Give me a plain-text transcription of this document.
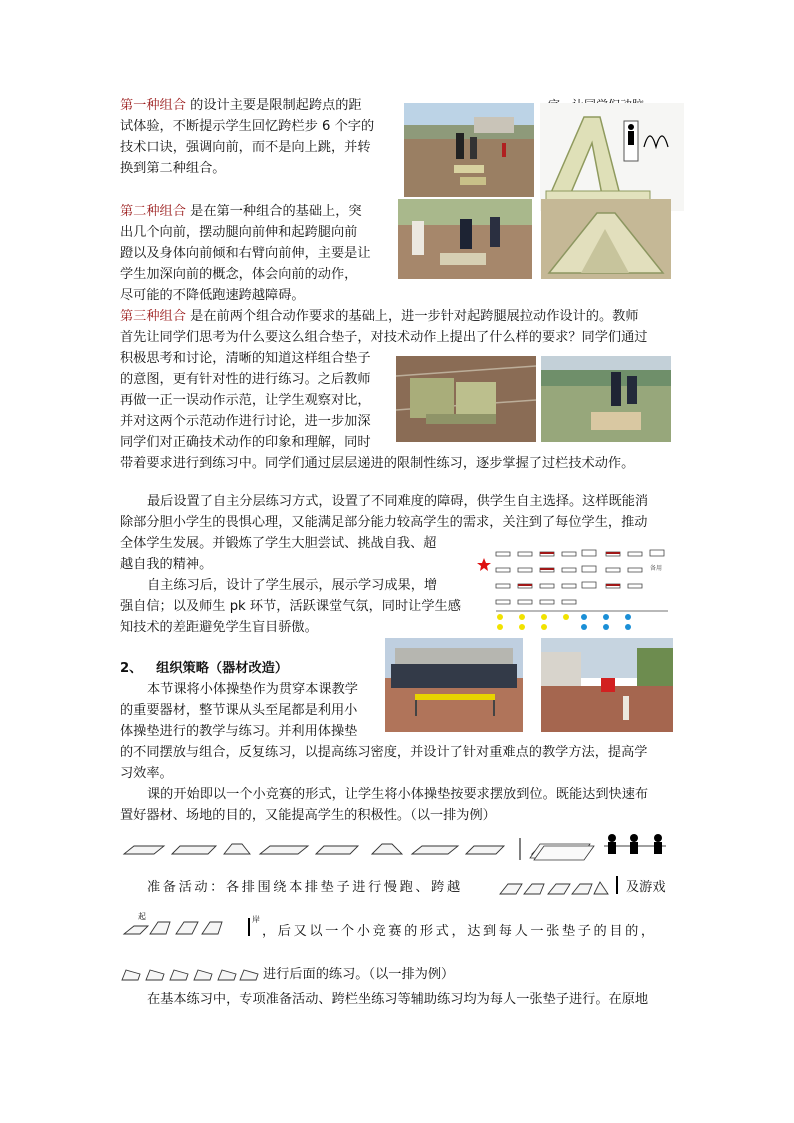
第一种组合 的设计主要是限制起跨点的距

试体验，不断提示学生回忆跨栏步 6 个字的

技术口诀，强调向前，而不是向上跳，并转

换到第二种组合。

第二种组合 是在第一种组合的基础上，突

出几个向前，摆动腿向前伸和起跨腿向前

蹬以及身体向前倾和右臂向前伸，主要是让

学生加深向前的概念，体会向前的动作，

尽可能的不降低跑速跨越障碍。

第三种组合 是在前两个组合动作要求的基础上，进一步针对起跨腿展拉动作设计的。教师

首先让同学们思考为什么要这么组合垫子，对技术动作上提出了什么样的要求？同学们通过

积极思考和讨论，清晰的知道这样组合垫子

的意图，更有针对性的进行练习。之后教师

再做一正一误动作示范，让学生观察对比，

并对这两个示范动作进行讨论，进一步加深

同学们对正确技术动作的印象和理解，同时

带着要求进行到练习中。同学们通过层层递进的限制性练习，逐步掌握了过栏技术动作。

最后设置了自主分层练习方式，设置了不同难度的障碍，供学生自主选择。这样既能消

除部分胆小学生的畏惧心理，又能满足部分能力较高学生的需求，关注到了每位学生，推动

全体学生发展。并锻炼了学生大胆尝试、挑战自我、超

越自我的精神。

自主练习后，设计了学生展示，展示学习成果，增

强自信；以及师生 pk 环节，活跃课堂气氛，同时让学生感

知技术的差距避免学生盲目骄傲。

备用

2、 组织策略（器材改造）

本节课将小体操垫作为贯穿本课教学

的重要器材，整节课从头至尾都是利用小

体操垫进行的教学与练习。并利用体操垫

的不同摆放与组合，反复练习，以提高练习密度，并设计了针对重难点的教学方法，提高学

习效率。

课的开始即以一个小竞赛的形式，让学生将小体操垫按要求摆放到位。既能达到快速布

置好器材、场地的目的，又能提高学生的积极性。（以一排为例）

准备活动：各排围绕本排垫子进行慢跑、跨越	及游戏

起	岸

，后又以一个小竞赛的形式，达到每人一张垫子的目的，

进行后面的练习。（以一排为例）

在基本练习中，专项准备活动、跨栏坐练习等辅助练习均为每人一张垫子进行。在原地
